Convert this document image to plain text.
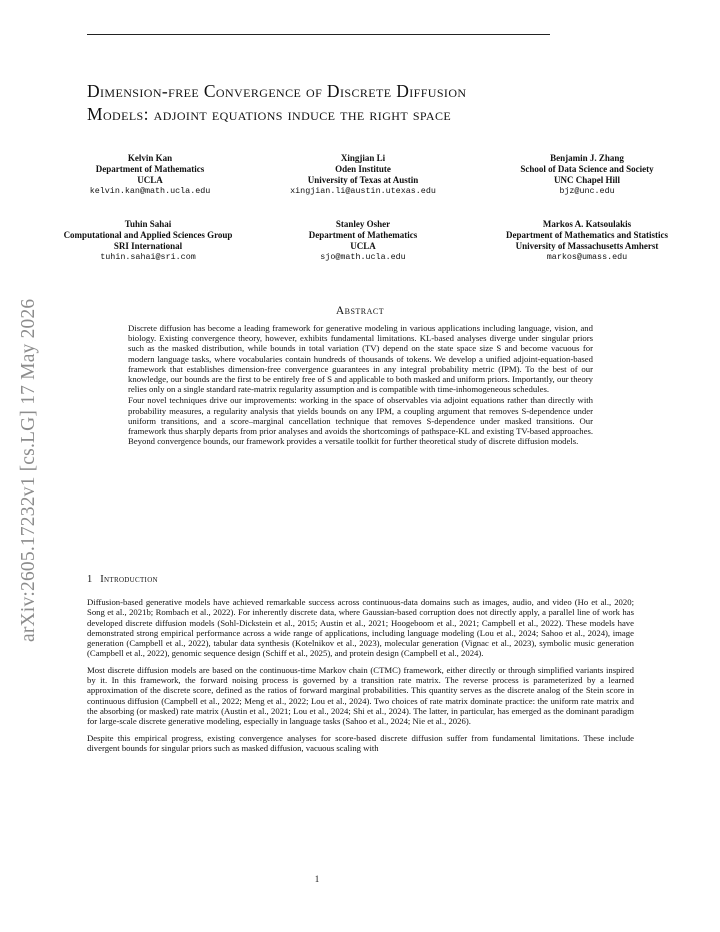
arXiv:2605.17232v1 [cs.LG] 17 May 2026
Dimension-free Convergence of Discrete Diffusion
Models: adjoint equations induce the right space
Kelvin Kan
Department of Mathematics
UCLA
kelvin.kan@math.ucla.edu
Xingjian Li
Oden Institute
University of Texas at Austin
xingjian.li@austin.utexas.edu
Benjamin J. Zhang
School of Data Science and Society
UNC Chapel Hill
bjz@unc.edu
Tuhin Sahai
Computational and Applied Sciences Group
SRI International
tuhin.sahai@sri.com
Stanley Osher
Department of Mathematics
UCLA
sjo@math.ucla.edu
Markos A. Katsoulakis
Department of Mathematics and Statistics
University of Massachusetts Amherst
markos@umass.edu
Abstract

Discrete diffusion has become a leading framework for generative modeling in various applications including language, vision, and biology. Existing convergence theory, however, exhibits fundamental limitations. KL-based analyses diverge under singular priors such as the masked distribution, while bounds in total variation (TV) depend on the state space size S and become vacuous for modern language tasks, where vocabularies contain hundreds of thousands of tokens. We develop a unified adjoint-equation-based framework that establishes dimension-free convergence guarantees in any integral probability metric (IPM). To the best of our knowledge, our bounds are the first to be entirely free of S and applicable to both masked and uniform priors. Importantly, our theory relies only on a single standard rate-matrix regularity assumption and is compatible with time-inhomogeneous schedules.

Four novel techniques drive our improvements: working in the space of observables via adjoint equations rather than directly with probability measures, a regularity analysis that yields bounds on any IPM, a coupling argument that removes S-dependence under uniform transitions, and a score–marginal cancellation technique that removes S-dependence under masked transitions. Our framework thus sharply departs from prior analyses and avoids the shortcomings of pathspace-KL and existing TV-based approaches. Beyond convergence bounds, our framework provides a versatile toolkit for further theoretical study of discrete diffusion models.

1 Introduction

Diffusion-based generative models have achieved remarkable success across continuous-data domains such as images, audio, and video (Ho et al., 2020; Song et al., 2021b; Rombach et al., 2022). For inherently discrete data, where Gaussian-based corruption does not directly apply, a parallel line of work has developed discrete diffusion models (Sohl-Dickstein et al., 2015; Austin et al., 2021; Hoogeboom et al., 2021; Campbell et al., 2022). These models have demonstrated strong empirical performance across a wide range of applications, including language modeling (Lou et al., 2024; Sahoo et al., 2024), image generation (Campbell et al., 2022), tabular data synthesis (Kotelnikov et al., 2023), molecular generation (Vignac et al., 2023), symbolic music generation (Campbell et al., 2022), genomic sequence design (Schiff et al., 2025), and protein design (Campbell et al., 2024).

Most discrete diffusion models are based on the continuous-time Markov chain (CTMC) framework, either directly or through simplified variants inspired by it. In this framework, the forward noising process is governed by a transition rate matrix. The reverse process is parameterized by a learned approximation of the discrete score, defined as the ratios of forward marginal probabilities. This quantity serves as the discrete analog of the Stein score in continuous diffusion (Campbell et al., 2022; Meng et al., 2022; Lou et al., 2024). Two choices of rate matrix dominate practice: the uniform rate matrix and the absorbing (or masked) rate matrix (Austin et al., 2021; Lou et al., 2024; Shi et al., 2024). The latter, in particular, has emerged as the dominant paradigm for large-scale discrete generative modeling, especially in language tasks (Sahoo et al., 2024; Nie et al., 2026).

Despite this empirical progress, existing convergence analyses for score-based discrete diffusion suffer from fundamental limitations. These include divergent bounds for singular priors such as masked diffusion, vacuous scaling with

1
